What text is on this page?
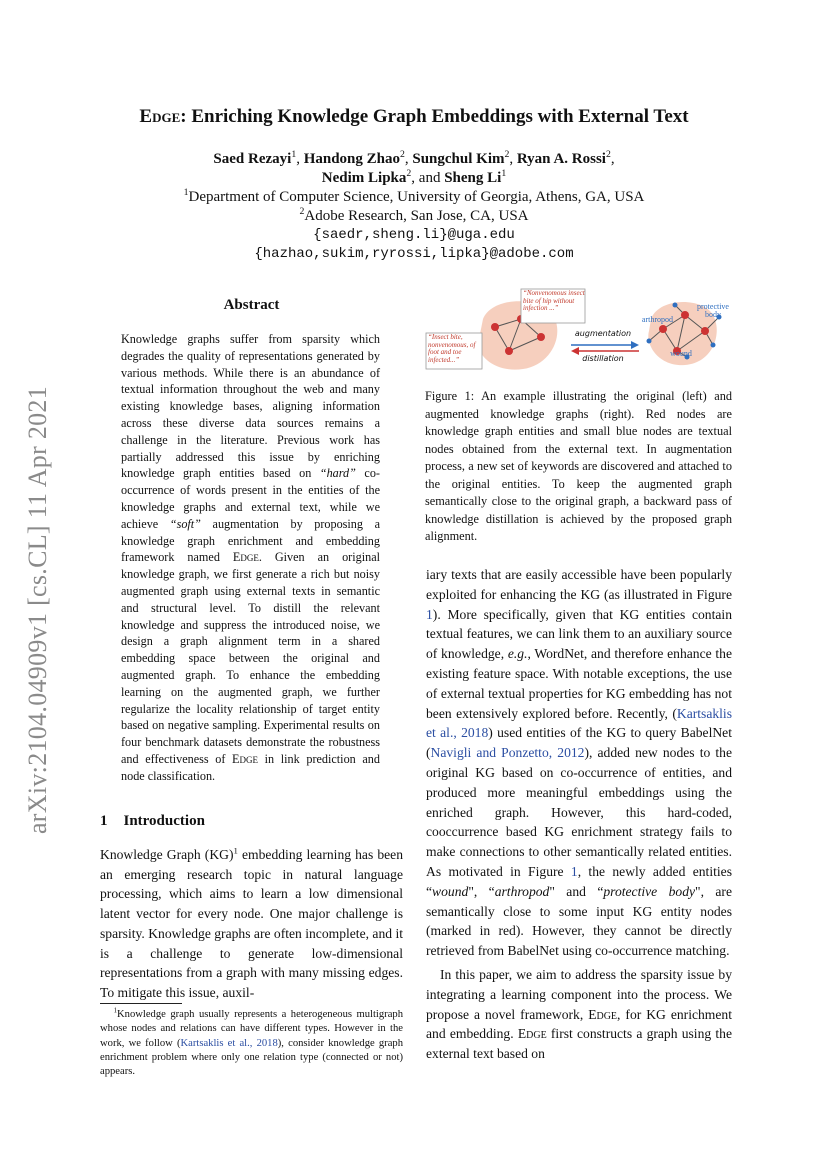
arXiv:2104.04909v1 [cs.CL] 11 Apr 2021
Edge: Enriching Knowledge Graph Embeddings with External Text
Saed Rezayi$^1$, Handong Zhao$^2$, Sungchul Kim$^2$, Ryan A. Rossi$^2$,
Nedim Lipka$^2$, and Sheng Li$^1$
$^1$Department of Computer Science, University of Georgia, Athens, GA, USA
$^2$Adobe Research, San Jose, CA, USA
{saedr,sheng.li}@uga.edu
{hazhao,sukim,ryrossi,lipka}@adobe.com
Abstract
Knowledge graphs suffer from sparsity which degrades the quality of representations generated by various methods. While there is an abundance of textual information throughout the web and many existing knowledge bases, aligning information across these diverse data sources remains a challenge in the literature. Previous work has partially addressed this issue by enriching knowledge graph entities based on “hard” co-occurrence of words present in the entities of the knowledge graphs and external text, while we achieve “soft” augmentation by proposing a knowledge graph enrichment and embedding framework named Edge. Given an original knowledge graph, we first generate a rich but noisy augmented graph using external texts in semantic and structural level. To distill the relevant knowledge and suppress the introduced noise, we design a graph alignment term in a shared embedding space between the original and augmented graph. To enhance the embedding learning on the augmented graph, we further regularize the locality relationship of target entity based on negative sampling. Experimental results on four benchmark datasets demonstrate the robustness and effectiveness of Edge in link prediction and node classification.
1 Introduction
Knowledge Graph (KG)$^1$ embedding learning has been an emerging research topic in natural language processing, which aims to learn a low dimensional latent vector for every node. One major challenge is sparsity. Knowledge graphs are often incomplete, and it is a challenge to generate low-dimensional representations from a graph with many missing edges. To mitigate this issue, auxil-
$^1$Knowledge graph usually represents a heterogeneous multigraph whose nodes and relations can have different types. However in the work, we follow (Kartsaklis et al., 2018), consider knowledge graph enrichment problem where only one relation type (connected or not) appears.
“Nonvenomous insect bite of hip without infection ...”
“Insect bite, nonvenomous, of foot and toe infected...”
augmentation
distillation
arthropod
protective body
wound
Figure 1: An example illustrating the original (left) and augmented knowledge graphs (right). Red nodes are knowledge graph entities and small blue nodes are textual nodes obtained from the external text. In augmentation process, a new set of keywords are discovered and attached to the original entities. To keep the augmented graph semantically close to the original graph, a backward pass of knowledge distillation is achieved by the proposed graph alignment.

iary texts that are easily accessible have been popularly exploited for enhancing the KG (as illustrated in Figure 1). More specifically, given that KG entities contain textual features, we can link them to an auxiliary source of knowledge, e.g., WordNet, and therefore enhance the existing feature space. With notable exceptions, the use of external textual properties for KG embedding has not been extensively explored before. Recently, (Kartsaklis et al., 2018) used entities of the KG to query BabelNet (Navigli and Ponzetto, 2012), added new nodes to the original KG based on co-occurrence of entities, and produced more meaningful embeddings using the enriched graph. However, this hard-coded, cooccurrence based KG enrichment strategy fails to make connections to other semantically related entities. As motivated in Figure 1, the newly added entities “wound", “arthropod" and “protective body", are semantically close to some input KG entity nodes (marked in red). However, they cannot be directly retrieved from BabelNet using co-occurrence matching.

In this paper, we aim to address the sparsity issue by integrating a learning component into the process. We propose a novel framework, Edge, for KG enrichment and embedding. Edge first constructs a graph using the external text based on
